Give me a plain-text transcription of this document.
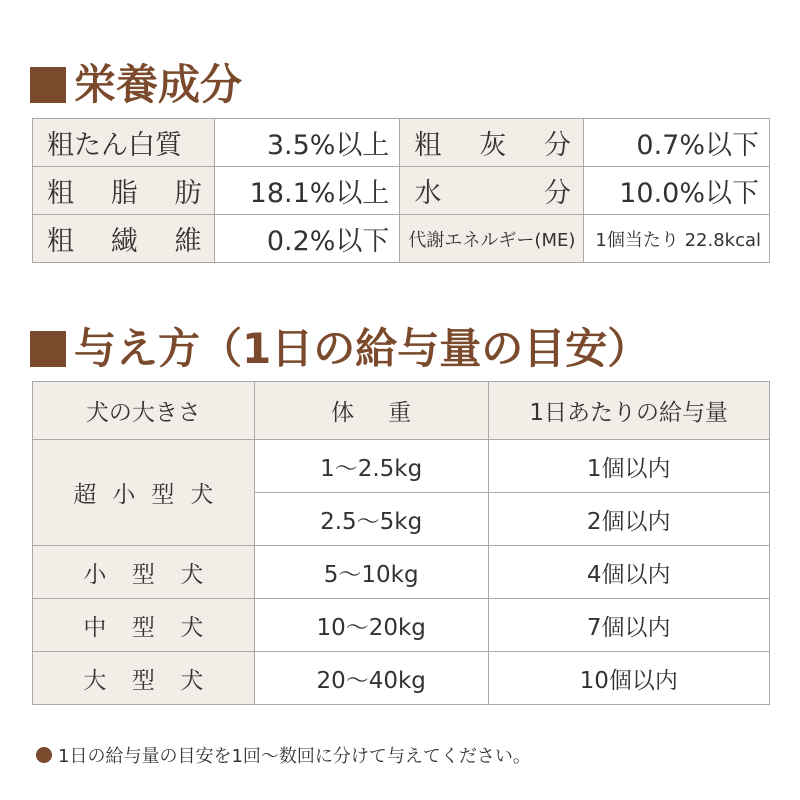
栄養成分
粗たん白質	3.5%以上	粗 灰 分	0.7%以下

粗 脂 肪	18.1%以上	水 分	10.0%以下

粗 繊 維	0.2%以下	代謝エネルギー(ME)	1個当たり 22.8kcal
与え方（1日の給与量の目安）
犬の大きさ	体 重	1日あたりの給与量

超 小 型 犬	1〜2.5kg	1個以内
	2.5〜5kg	2個以内

小 型 犬	5〜10kg	4個以内

中 型 犬	10〜20kg	7個以内

大 型 犬	20〜40kg	10個以内
1日の給与量の目安を1回〜数回に分けて与えてください。
